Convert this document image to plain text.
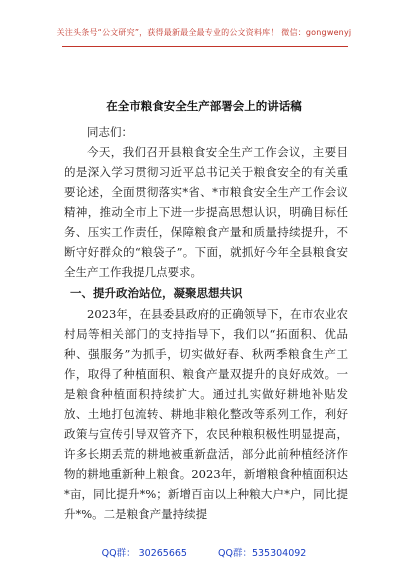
关注头条号“公文研究”，获得最新最全最专业的公文资料库！ 微信：gongwenyj
在全市粮食安全生产部署会上的讲话稿

同志们：

今天，我们召开县粮食安全生产工作会议，主要目的是深入学习贯彻习近平总书记关于粮食安全的有关重要论述，全面贯彻落实*省、*市粮食安全生产工作会议精神，推动全市上下进一步提高思想认识，明确目标任务、压实工作责任，保障粮食产量和质量持续提升，不断守好群众的“粮袋子”。下面，就抓好今年全县粮食安全生产工作我提几点要求。

一、提升政治站位，凝聚思想共识

2023年，在县委县政府的正确领导下，在市农业农村局等相关部门的支持指导下，我们以“拓面积、优品种、强服务”为抓手，切实做好春、秋两季粮食生产工作，取得了种植面积、粮食产量双提升的良好成效。一是粮食种植面积持续扩大。通过扎实做好耕地补贴发放、土地打包流转、耕地非粮化整改等系列工作，利好政策与宣传引导双管齐下，农民种粮积极性明显提高，许多长期丢荒的耕地被重新盘活，部分此前种植经济作物的耕地重新种上粮食。2023年，新增粮食种植面积达*亩，同比提升*%；新增百亩以上种粮大户*户，同比提升*%。二是粮食产量持续提

QQ群： 30265665	QQ群：535304092
